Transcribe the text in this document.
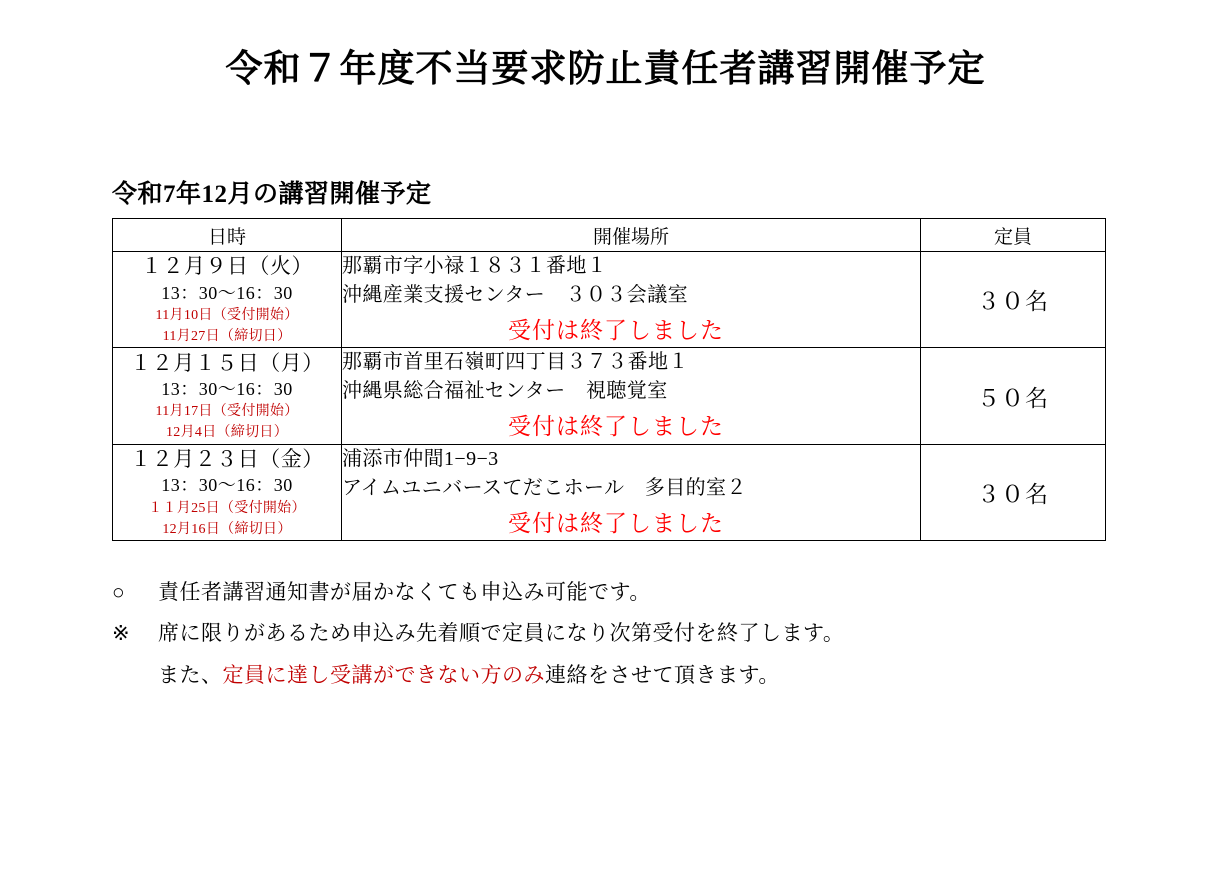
令和７年度不当要求防止責任者講習開催予定
令和7年12月の講習開催予定
日時	開催場所	定員

１２月９日（火）
13：30〜16：30
11月10日（受付開始）
11月27日（締切日）

那覇市字小禄１８３１番地１
沖縄産業支援センター　３０３会議室
受付は終了しました
	３０名

１２月１５日（月）
13：30〜16：30
11月17日（受付開始）
12月4日（締切日）

那覇市首里石嶺町四丁目３７３番地１
沖縄県総合福祉センター　視聴覚室
受付は終了しました
	５０名

１２月２３日（金）
13：30〜16：30
１１月25日（受付開始）
12月16日（締切日）

浦添市仲間1−9−3
アイムユニバースてだこホール　多目的室２
受付は終了しました
	３０名
○	責任者講習通知書が届かなくても申込み可能です。
※	席に限りがあるため申込み先着順で定員になり次第受付を終了します。
また、定員に達し受講ができない方のみ連絡をさせて頂きます。
